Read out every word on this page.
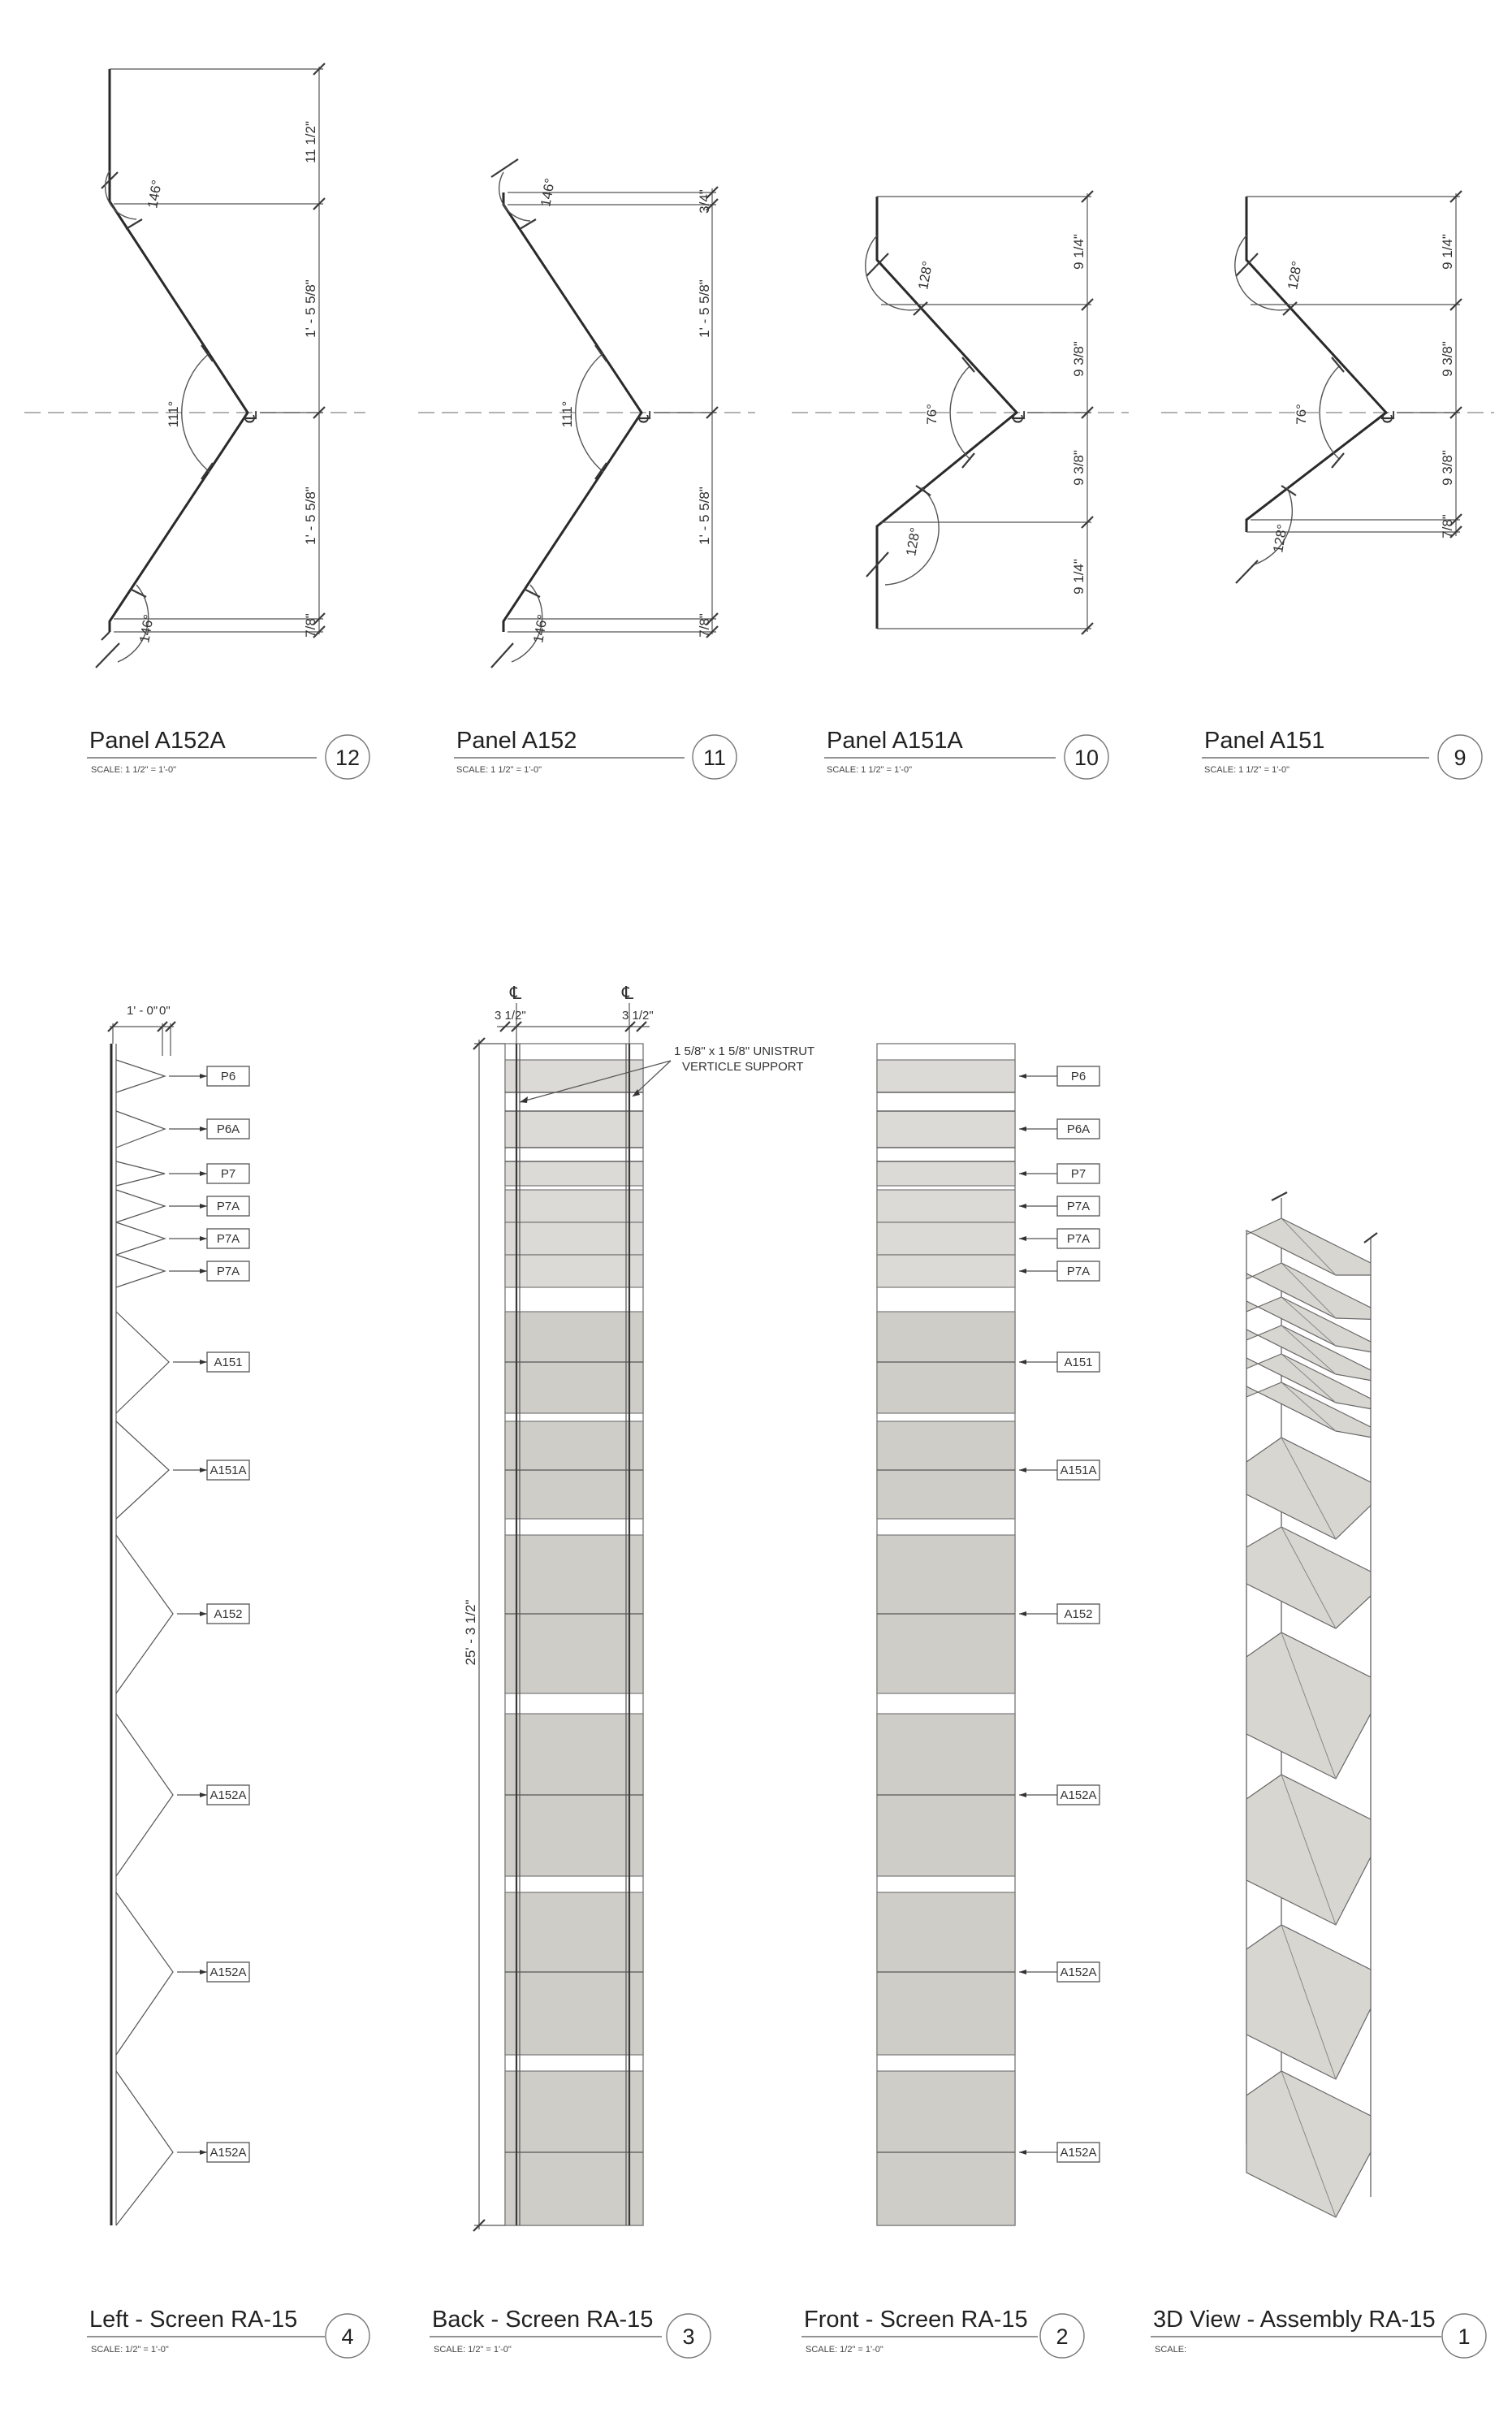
11 1/2"
1' - 5 5/8"
1' - 5 5/8"
7/8"
146°
111°
146°
℄
Panel A152A
SCALE: 1 1/2" = 1'-0"	12
3/4"
1' - 5 5/8"
1' - 5 5/8"
7/8"
146°
111°
146°
℄
Panel A152
SCALE: 1 1/2" = 1'-0"	11
9 1/4"
9 3/8"
9 3/8"
9 1/4"
128°
76°
128°
℄
Panel A151A
SCALE: 1 1/2" = 1'-0"	10
9 1/4"
9 3/8"
9 3/8"
7/8"
128°
76°
128°
℄
Panel A151
SCALE: 1 1/2" = 1'-0"	9
1' - 0" 0"
Left - Screen RA-15
SCALE: 1/2" = 1'-0"
4
℄	℄
3 1/2"	3 1/2"
25' - 3 1/2"
1 5/8" x 1 5/8" UNISTRUT
VERTICLE SUPPORT
Back - Screen RA-15
SCALE: 1/2" = 1'-0"
3
Front - Screen RA-15
SCALE: 1/2" = 1'-0"
2
3D View - Assembly RA-15
SCALE:
1
P6	P6
P6A	P6A
P7	P7
P7A	P7A
P7A	P7A
P7A	P7A
A151	A151
A151A	A151A
A152	A152
A152A	A152A
A152A	A152A
A152A	A152A
